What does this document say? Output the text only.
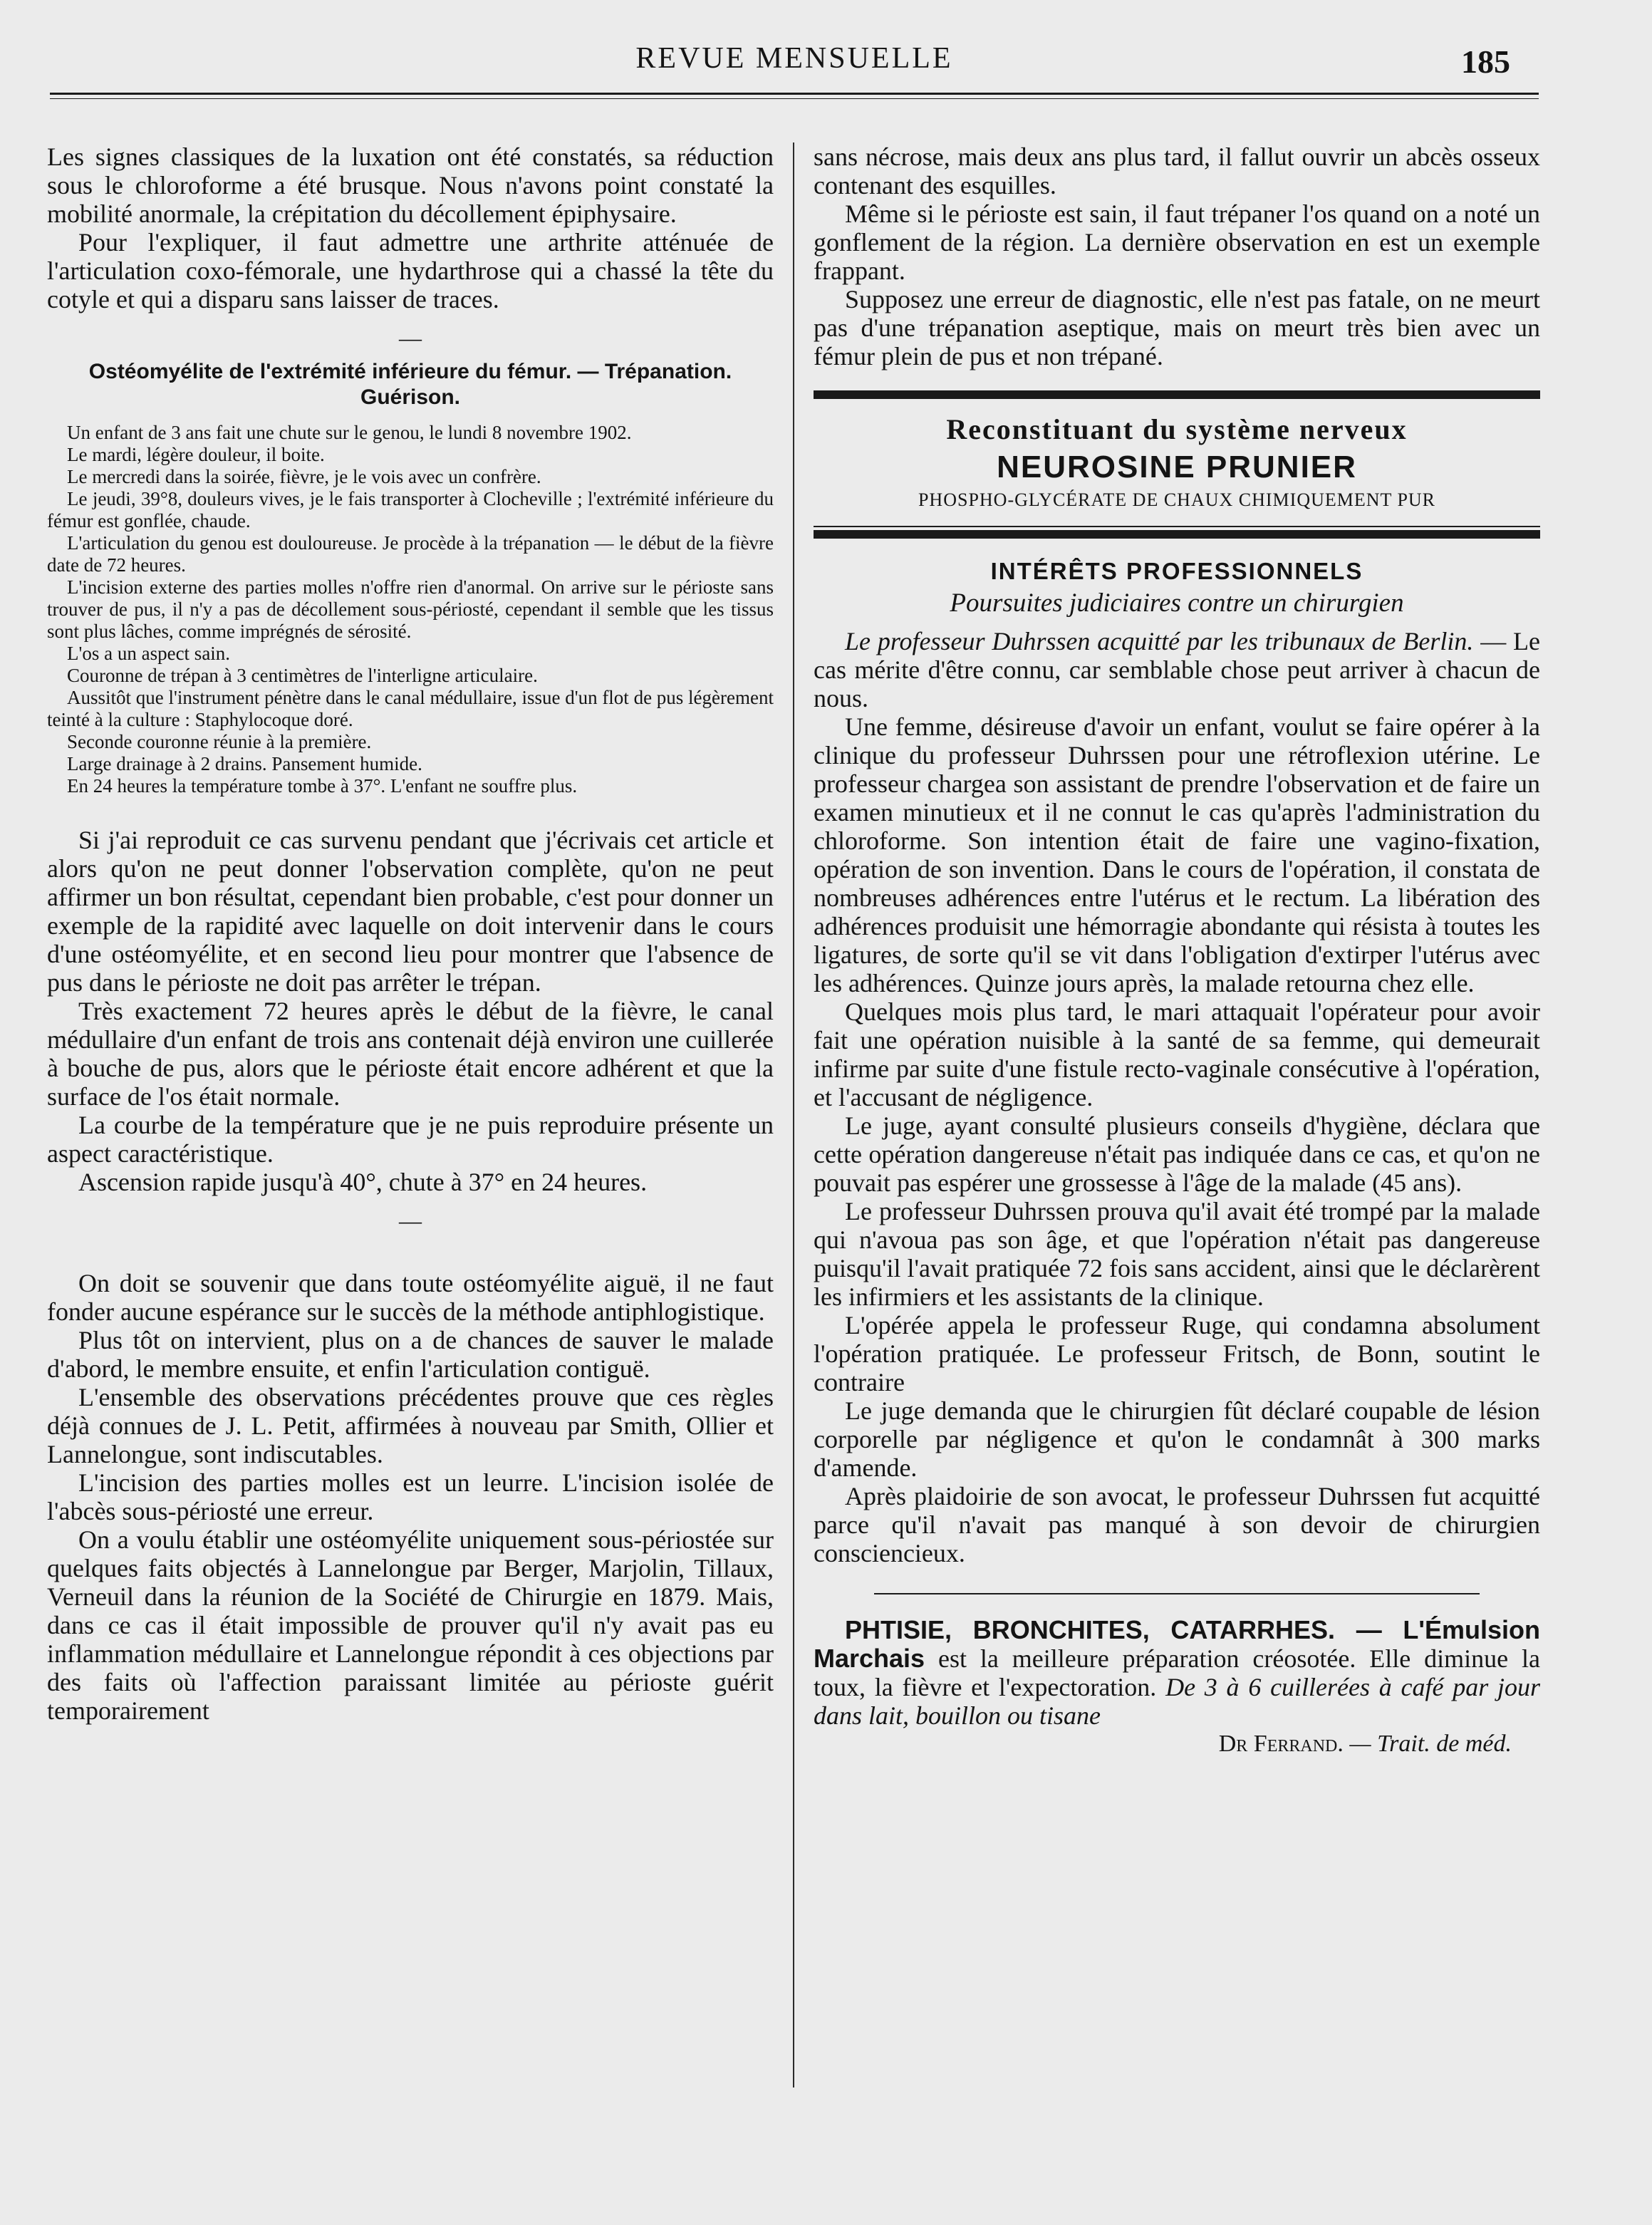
REVUE MENSUELLE	185

Les signes classiques de la luxation ont été constatés, sa réduction sous le chloroforme a été brusque. Nous n'avons point constaté la mobilité anormale, la crépitation du décollement épiphysaire.

Pour l'expliquer, il faut admettre une arthrite atténuée de l'articulation coxo-fémorale, une hydarthrose qui a chassé la tête du cotyle et qui a disparu sans laisser de traces.

—

Ostéomyélite de l'extrémité inférieure du fémur. — Trépanation. Guérison.

Un enfant de 3 ans fait une chute sur le genou, le lundi 8 novembre 1902.

Le mardi, légère douleur, il boite.

Le mercredi dans la soirée, fièvre, je le vois avec un confrère.

Le jeudi, 39°8, douleurs vives, je le fais transporter à Clocheville ; l'extrémité inférieure du fémur est gonflée, chaude.

L'articulation du genou est douloureuse. Je procède à la trépanation — le début de la fièvre date de 72 heures.

L'incision externe des parties molles n'offre rien d'anormal. On arrive sur le périoste sans trouver de pus, il n'y a pas de décollement sous-périosté, cependant il semble que les tissus sont plus lâches, comme imprégnés de sérosité.

L'os a un aspect sain.

Couronne de trépan à 3 centimètres de l'interligne articulaire.

Aussitôt que l'instrument pénètre dans le canal médullaire, issue d'un flot de pus légèrement teinté à la culture : Staphylocoque doré.

Seconde couronne réunie à la première.

Large drainage à 2 drains. Pansement humide.

En 24 heures la température tombe à 37°. L'enfant ne souffre plus.

Si j'ai reproduit ce cas survenu pendant que j'écrivais cet article et alors qu'on ne peut donner l'observation complète, qu'on ne peut affirmer un bon résultat, cependant bien probable, c'est pour donner un exemple de la rapidité avec laquelle on doit intervenir dans le cours d'une ostéomyélite, et en second lieu pour montrer que l'absence de pus dans le périoste ne doit pas arrêter le trépan.

Très exactement 72 heures après le début de la fièvre, le canal médullaire d'un enfant de trois ans contenait déjà environ une cuillerée à bouche de pus, alors que le périoste était encore adhérent et que la surface de l'os était normale.

La courbe de la température que je ne puis reproduire présente un aspect caractéristique.

Ascension rapide jusqu'à 40°, chute à 37° en 24 heures.

—

On doit se souvenir que dans toute ostéomyélite aiguë, il ne faut fonder aucune espérance sur le succès de la méthode antiphlogistique.

Plus tôt on intervient, plus on a de chances de sauver le malade d'abord, le membre ensuite, et enfin l'articulation contiguë.

L'ensemble des observations précédentes prouve que ces règles déjà connues de J. L. Petit, affirmées à nouveau par Smith, Ollier et Lannelongue, sont indiscutables.

L'incision des parties molles est un leurre. L'incision isolée de l'abcès sous-périosté une erreur.

On a voulu établir une ostéomyélite uniquement sous-périostée sur quelques faits objectés à Lannelongue par Berger, Marjolin, Tillaux, Verneuil dans la réunion de la Société de Chirurgie en 1879. Mais, dans ce cas il était impossible de prouver qu'il n'y avait pas eu inflammation médullaire et Lannelongue répondit à ces objections par des faits où l'affection paraissant limitée au périoste guérit temporairement

sans nécrose, mais deux ans plus tard, il fallut ouvrir un abcès osseux contenant des esquilles.

Même si le périoste est sain, il faut trépaner l'os quand on a noté un gonflement de la région. La dernière observation en est un exemple frappant.

Supposez une erreur de diagnostic, elle n'est pas fatale, on ne meurt pas d'une trépanation aseptique, mais on meurt très bien avec un fémur plein de pus et non trépané.

Reconstituant du système nerveux

NEUROSINE PRUNIER

PHOSPHO-GLYCÉRATE DE CHAUX CHIMIQUEMENT PUR

INTÉRÊTS PROFESSIONNELS

Poursuites judiciaires contre un chirurgien

Le professeur Duhrssen acquitté par les tribunaux de Berlin. — Le cas mérite d'être connu, car semblable chose peut arriver à chacun de nous.

Une femme, désireuse d'avoir un enfant, voulut se faire opérer à la clinique du professeur Duhrssen pour une rétroflexion utérine. Le professeur chargea son assistant de prendre l'observation et de faire un examen minutieux et il ne connut le cas qu'après l'administration du chloroforme. Son intention était de faire une vagino-fixation, opération de son invention. Dans le cours de l'opération, il constata de nombreuses adhérences entre l'utérus et le rectum. La libération des adhérences produisit une hémorragie abondante qui résista à toutes les ligatures, de sorte qu'il se vit dans l'obligation d'extirper l'utérus avec les adhérences. Quinze jours après, la malade retourna chez elle.

Quelques mois plus tard, le mari attaquait l'opérateur pour avoir fait une opération nuisible à la santé de sa femme, qui demeurait infirme par suite d'une fistule recto-vaginale consécutive à l'opération, et l'accusant de négligence.

Le juge, ayant consulté plusieurs conseils d'hygiène, déclara que cette opération dangereuse n'était pas indiquée dans ce cas, et qu'on ne pouvait pas espérer une grossesse à l'âge de la malade (45 ans).

Le professeur Duhrssen prouva qu'il avait été trompé par la malade qui n'avoua pas son âge, et que l'opération n'était pas dangereuse puisqu'il l'avait pratiquée 72 fois sans accident, ainsi que le déclarèrent les infirmiers et les assistants de la clinique.

L'opérée appela le professeur Ruge, qui condamna absolument l'opération pratiquée. Le professeur Fritsch, de Bonn, soutint le contraire

Le juge demanda que le chirurgien fût déclaré coupable de lésion corporelle par négligence et qu'on le condamnât à 300 marks d'amende.

Après plaidoirie de son avocat, le professeur Duhrssen fut acquitté parce qu'il n'avait pas manqué à son devoir de chirurgien consciencieux.

PHTISIE, BRONCHITES, CATARRHES. — L'Émulsion Marchais est la meilleure préparation créosotée. Elle diminue la toux, la fièvre et l'expectoration. De 3 à 6 cuillerées à café par jour dans lait, bouillon ou tisane

Dr Ferrand. — Trait. de méd.
